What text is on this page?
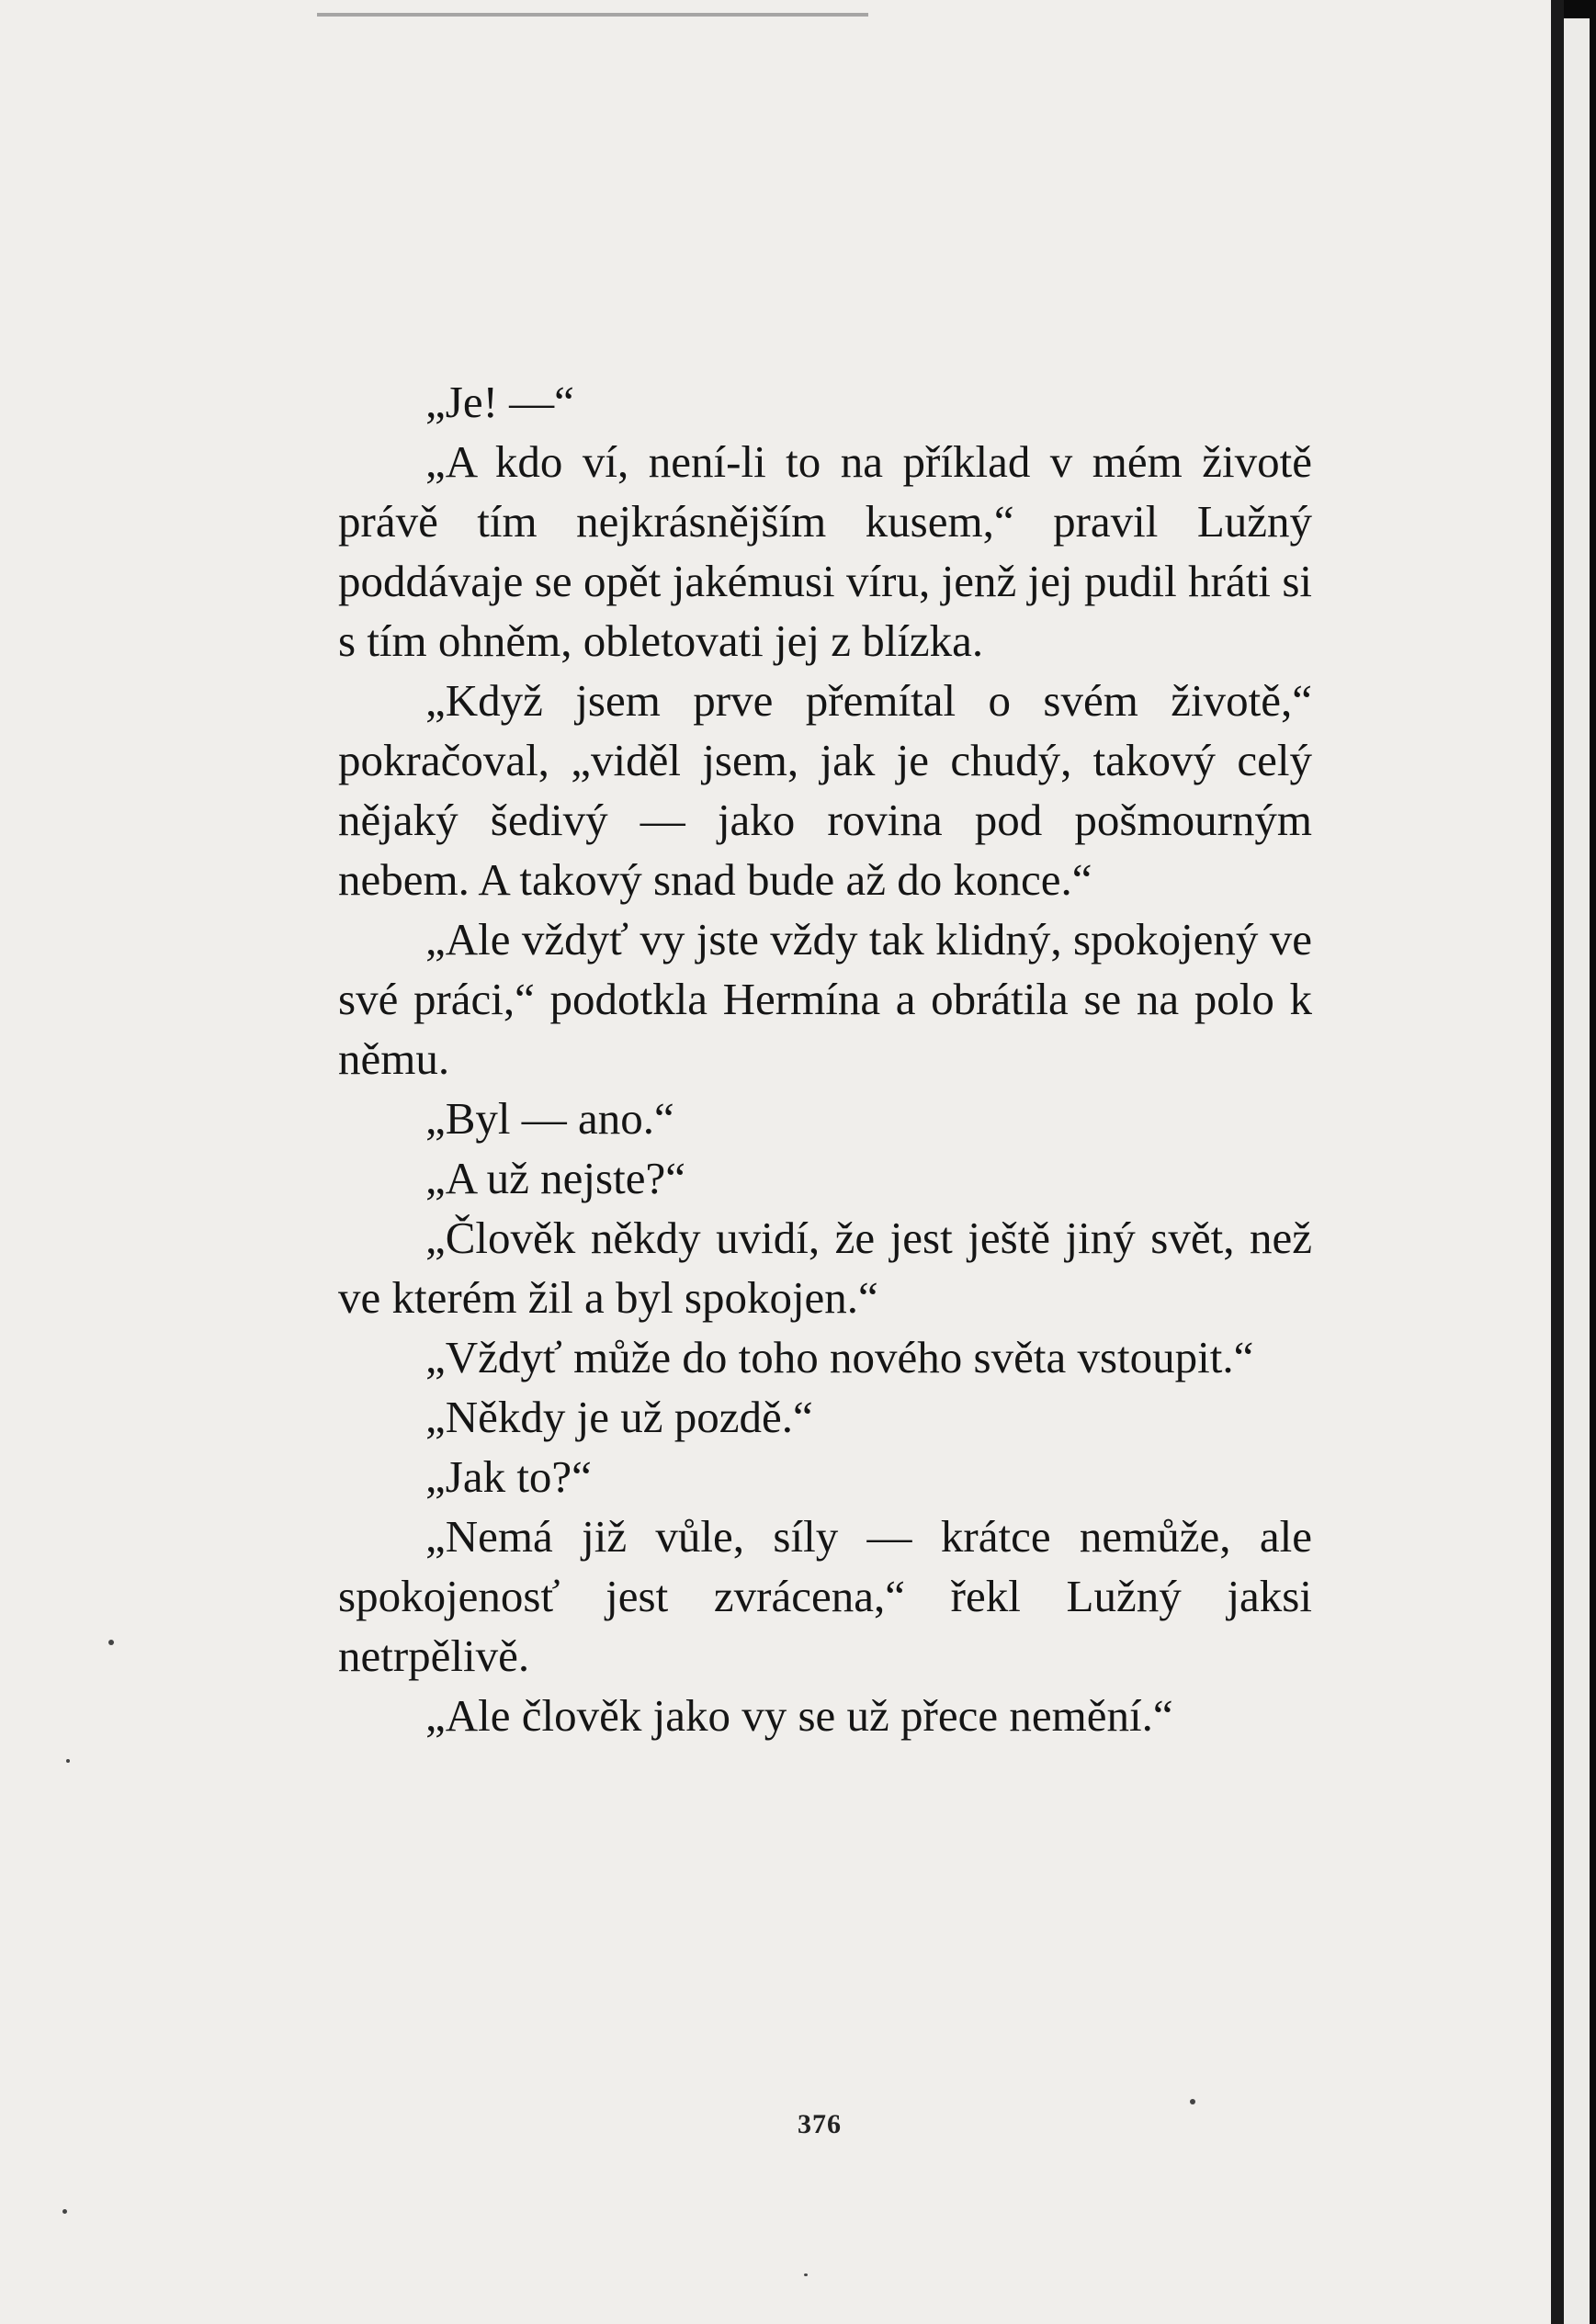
„Je! —“

„A kdo ví, není-li to na příklad v mém životě právě tím nejkrásnějším kusem,“ pravil Lužný poddávaje se opět jakémusi víru, jenž jej pudil hráti si s tím ohněm, obletovati jej z blízka.

„Když jsem prve přemítal o svém životě,“ pokračoval, „viděl jsem, jak je chudý, takový celý nějaký šedivý — jako rovina pod pošmourným nebem. A takový snad bude až do konce.“

„Ale vždyť vy jste vždy tak klidný, spokojený ve své práci,“ podotkla Hermína a obrátila se na polo k němu.

„Byl — ano.“

„A už nejste?“

„Člověk někdy uvidí, že jest ještě jiný svět, než ve kterém žil a byl spokojen.“

„Vždyť může do toho nového světa vstoupit.“

„Někdy je už pozdě.“

„Jak to?“

„Nemá již vůle, síly — krátce nemůže, ale spokojenosť jest zvrácena,“ řekl Lužný jaksi netrpělivě.

„Ale člověk jako vy se už přece nemění.“

376
